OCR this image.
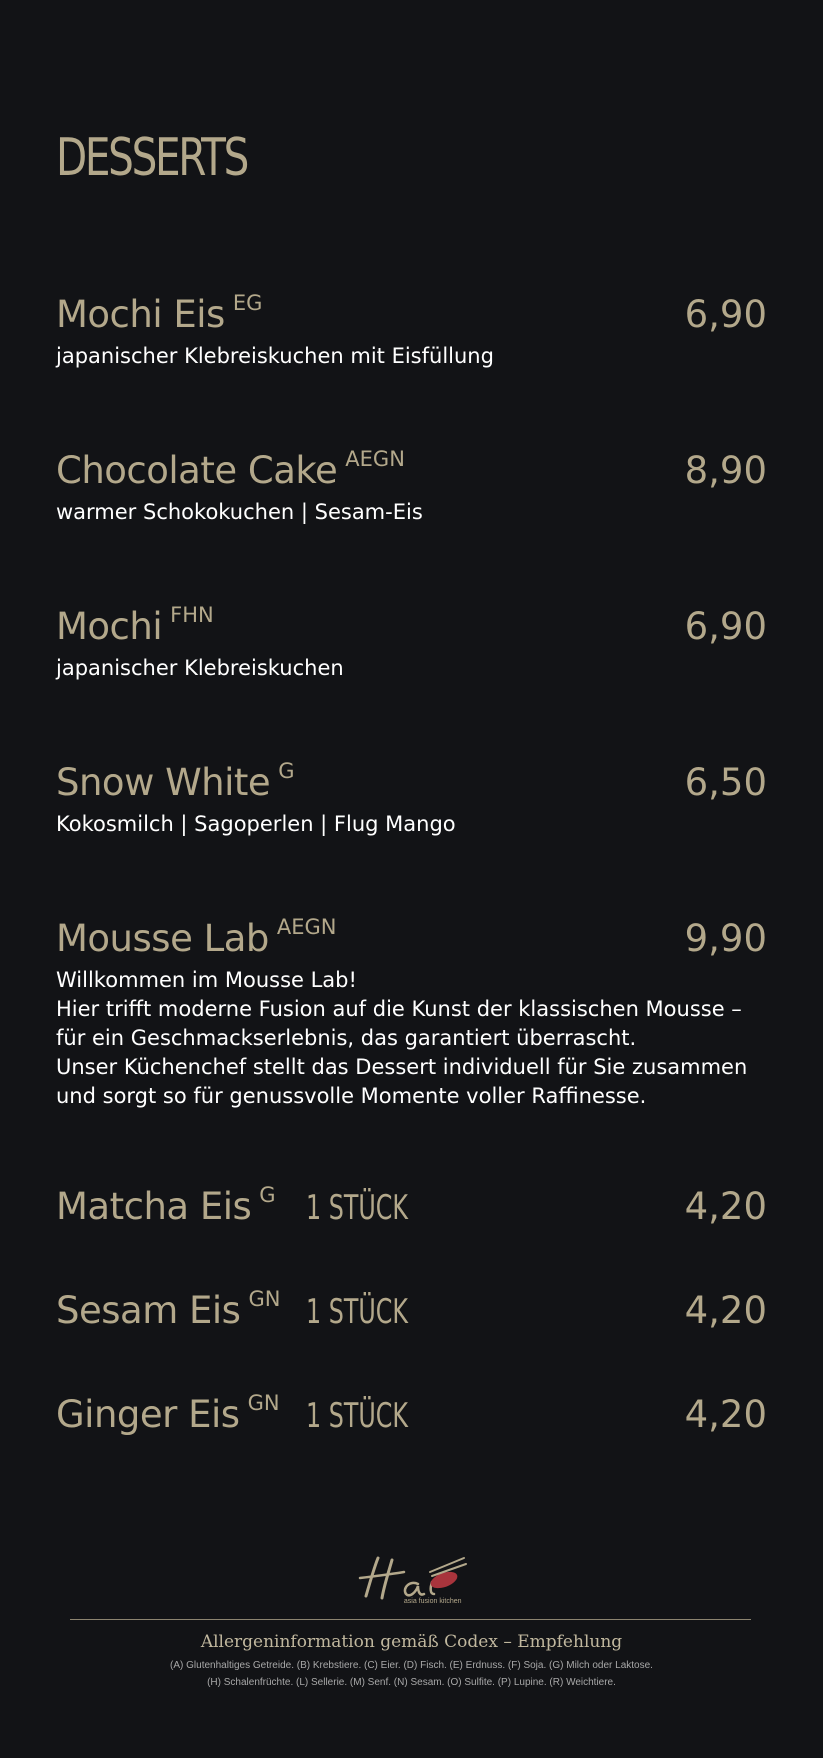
DESSERTS
Mochi Eis $^{EG}$	6,90
japanischer Klebreiskuchen mit Eisfüllung
Chocolate Cake $^{AEGN}$	8,90
warmer Schokokuchen | Sesam-Eis
Mochi $^{FHN}$	6,90
japanischer Klebreiskuchen
Snow White $^G$	6,50
Kokosmilch | Sagoperlen | Flug Mango
Mousse Lab $^{AEGN}$	9,90
Willkommen im Mousse Lab!
Hier trifft moderne Fusion auf die Kunst der klassischen Mousse –
für ein Geschmackserlebnis, das garantiert überrascht.
Unser Küchenchef stellt das Dessert individuell für Sie zusammen
und sorgt so für genussvolle Momente voller Raffinesse.
Matcha Eis $^G$ 1 STÜCK	4,20
Sesam Eis $^{GN}$ 1 STÜCK	4,20
Ginger Eis $^{GN}$ 1 STÜCK	4,20
asia fusion kitchen
Allergeninformation gemäß Codex – Empfehlung
(A) Glutenhaltiges Getreide. (B) Krebstiere. (C) Eier. (D) Fisch. (E) Erdnuss. (F) Soja. (G) Milch oder Laktose.
(H) Schalenfrüchte. (L) Sellerie. (M) Senf. (N) Sesam. (O) Sulfite. (P) Lupine. (R) Weichtiere.
